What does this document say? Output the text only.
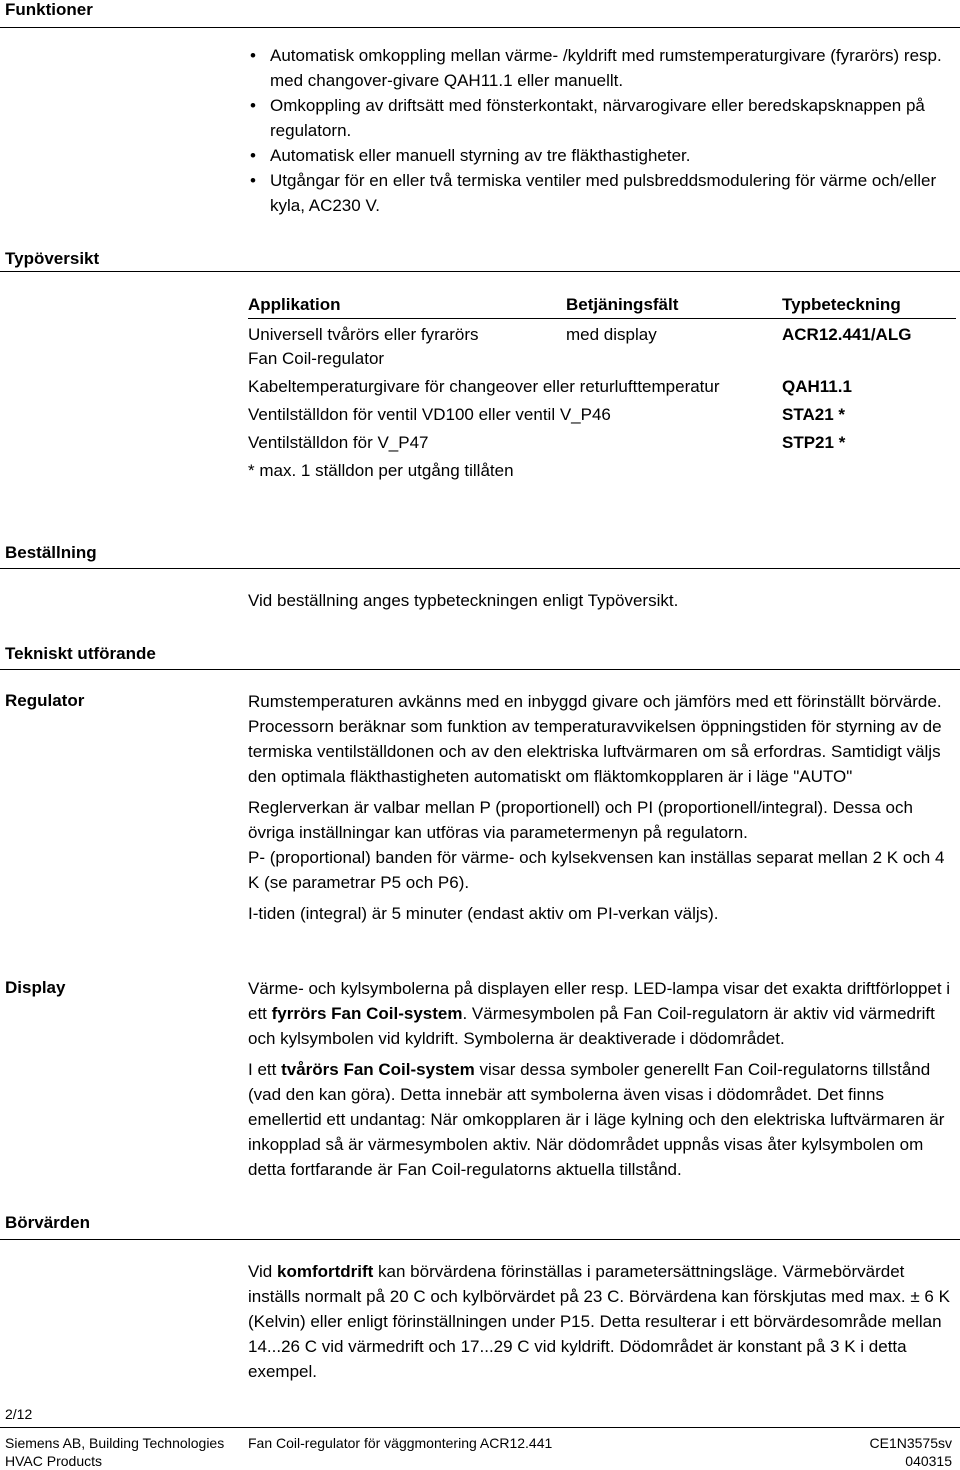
Funktioner
• Automatisk omkoppling mellan värme- /kyldrift med rumstemperaturgivare (fyrarörs) resp. med changover-givare QAH11.1 eller manuellt.
• Omkoppling av driftsätt med fönsterkontakt, närvarogivare eller beredskapsknappen på regulatorn.
• Automatisk eller manuell styrning av tre fläkthastigheter.
• Utgångar för en eller två termiska ventiler med pulsbreddsmodulering för värme och/eller kyla, AC230 V.
Typöversikt
Applikation	Betjäningsfält	Typbeteckning
Universell tvårörs eller fyrarörs Fan Coil-regulator	med display	ACR12.441/ALG
Kabeltemperaturgivare för changeover eller returlufttemperatur		QAH11.1
Ventilställdon för ventil VD100 eller ventil V_P46		STA21 *
Ventilställdon för V_P47		STP21 *
* max. 1 ställdon per utgång tillåten		
Beställning
Vid beställning anges typbeteckningen enligt Typöversikt.
Tekniskt utförande
Regulator	Rumstemperaturen avkänns med en inbyggd givare och jämförs med ett förinställt börvärde. Processorn beräknar som funktion av temperaturavvikelsen öppningstiden för styrning av de termiska ventilställdonen och av den elektriska luftvärmaren om så erfordras. Samtidigt väljs den optimala fläkthastigheten automatiskt om fläktomkopplaren är i läge "AUTO"

Reglerverkan är valbar mellan P (proportionell) och PI (proportionell/integral). Dessa och övriga inställningar kan utföras via parametermenyn på regulatorn.

P- (proportional) banden för värme- och kylsekvensen kan inställas separat mellan 2 K och 4 K (se parametrar P5 och P6).

I-tiden (integral) är 5 minuter (endast aktiv om PI-verkan väljs).

Display	Värme- och kylsymbolerna på displayen eller resp. LED-lampa visar det exakta driftförloppet i ett fyrrörs Fan Coil-system. Värmesymbolen på Fan Coil-regulatorn är aktiv vid värmedrift och kylsymbolen vid kyldrift. Symbolerna är deaktiverade i dödområdet.

I ett tvårörs Fan Coil-system visar dessa symboler generellt Fan Coil-regulatorns tillstånd (vad den kan göra). Detta innebär att symbolerna även visas i dödområdet. Det finns emellertid ett undantag: När omkopplaren är i läge kylning och den elektriska luftvärmaren är inkopplad så är värmesymbolen aktiv. När dödområdet uppnås visas åter kylsymbolen om detta fortfarande är Fan Coil-regulatorns aktuella tillstånd.

Börvärden

Vid komfortdrift kan börvärdena förinställas i parametersättningsläge. Värmebörvärdet inställs normalt på 20 C och kylbörvärdet på 23 C. Börvärdena kan förskjutas med max. ± 6 K (Kelvin) eller enligt förinställningen under P15. Detta resulterar i ett börvärdesområde mellan 14...26 C vid värmedrift och 17...29 C vid kyldrift. Dödområdet är konstant på 3 K i detta exempel.

2/12
Siemens AB, Building Technologies
HVAC Products
Fan Coil-regulator för väggmontering ACR12.441	CE1N3575sv
040315
